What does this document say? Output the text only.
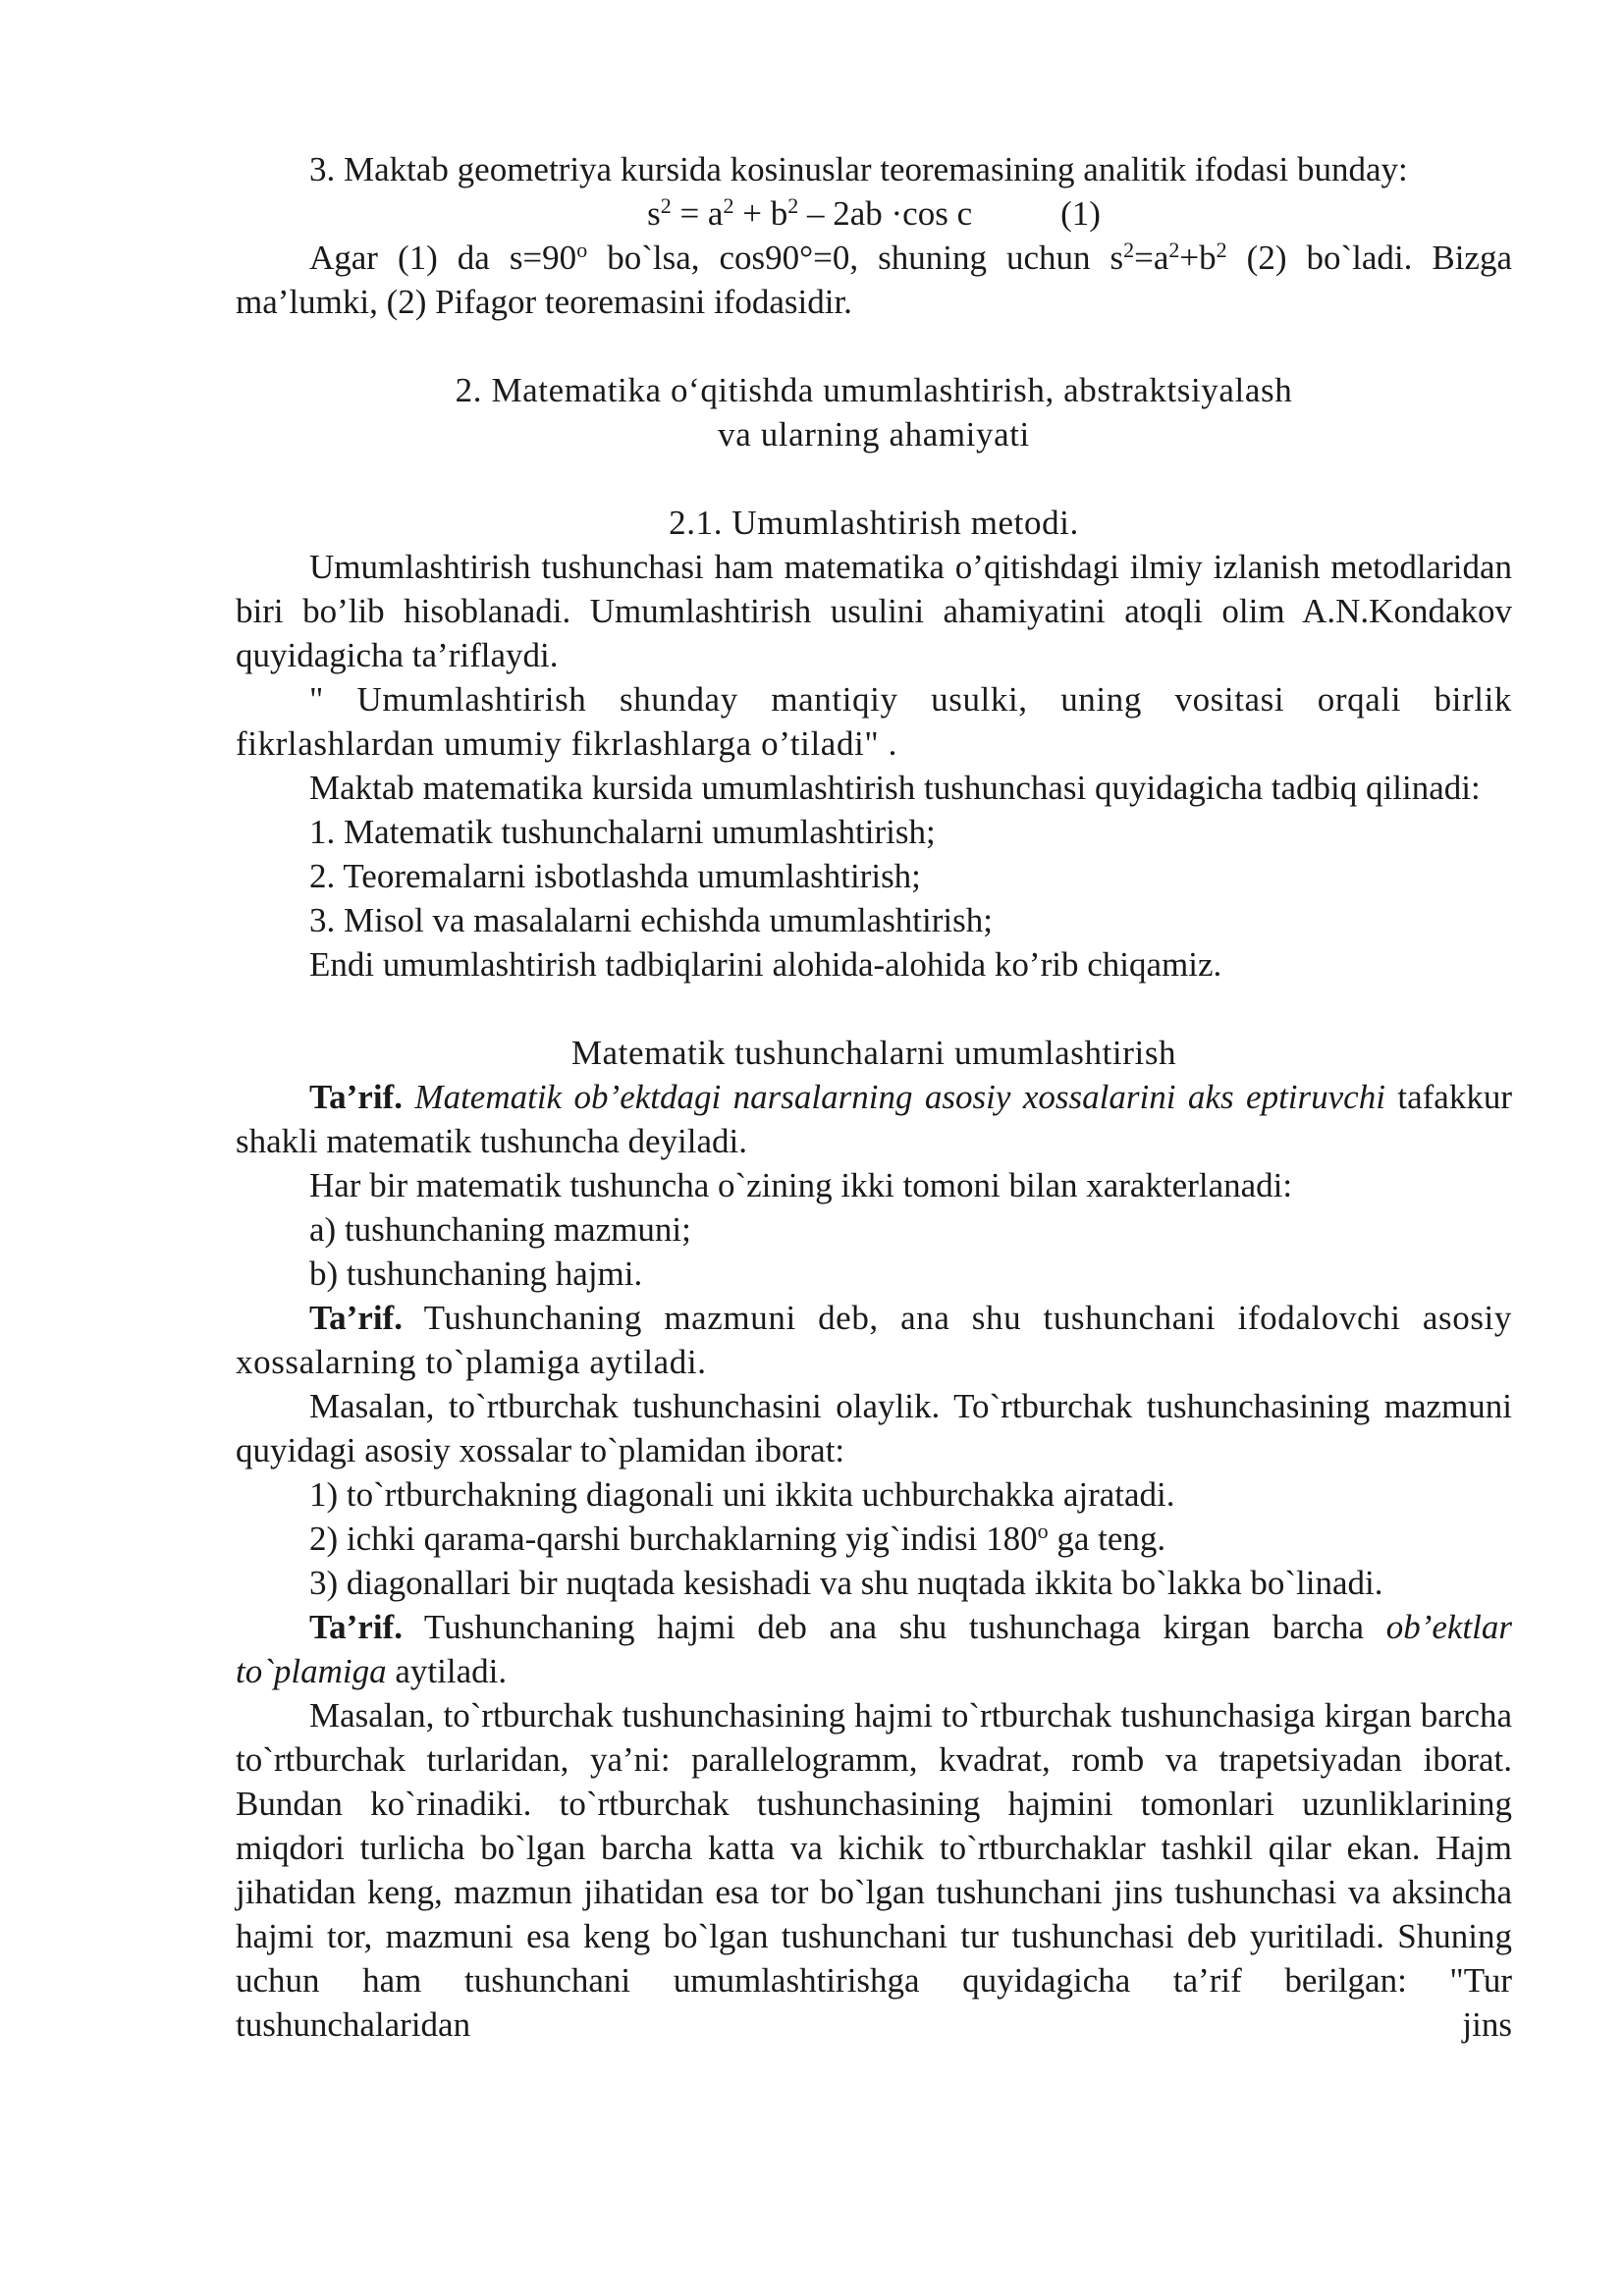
3. Maktab geometriya kursida kosinuslar teoremasining analitik ifodasi bunday:

$s^2 = a^2 + b^2 - 2ab \cdot\cos$ c	(1)

Agar (1) da $s=90^o$ bo`lsa, cos90°=0, shuning uchun $s^2=a^2+b^2$ (2) bo`ladi. Bizga ma’lumki, (2) Pifagor teoremasini ifodasidir.

2. Matematika o‘qitishda umumlashtirish, abstraktsiyalash

va ularning ahamiyati

2.1. Umumlashtirish metodi.

Umumlashtirish tushunchasi ham matematika o’qitishdagi ilmiy izlanish metodlaridan biri bo’lib hisoblanadi. Umumlashtirish usulini ahamiyatini atoqli olim A.N.Kondakov quyidagicha ta’riflaydi.

" Umumlashtirish shunday mantiqiy usulki, uning vositasi orqali birlik fikrlashlardan umumiy fikrlashlarga o’tiladi" .

Maktab matematika kursida umumlashtirish tushunchasi quyidagicha tadbiq qilinadi:

1. Matematik tushunchalarni umumlashtirish;

2. Teoremalarni isbotlashda umumlashtirish;

3. Misol va masalalarni echishda umumlashtirish;

Endi umumlashtirish tadbiqlarini alohida-alohida ko’rib chiqamiz.

Matematik tushunchalarni umumlashtirish

Ta’rif. Matematik ob’ektdagi narsalarning asosiy xossalarini aks eptiruvchi tafakkur shakli matematik tushuncha deyiladi.

Har bir matematik tushuncha o`zining ikki tomoni bilan xarakterlanadi:

a) tushunchaning mazmuni;

b) tushunchaning hajmi.

Ta’rif. Tushunchaning mazmuni deb, ana shu tushunchani ifodalovchi asosiy xossalarning to`plamiga aytiladi.

Masalan, to`rtburchak tushunchasini olaylik. To`rtburchak tushunchasining mazmuni quyidagi asosiy xossalar to`plamidan iborat:

1) to`rtburchakning diagonali uni ikkita uchburchakka ajratadi.

2) ichki qarama-qarshi burchaklarning yig`indisi 180$^o$ ga teng.

3) diagonallari bir nuqtada kesishadi va shu nuqtada ikkita bo`lakka bo`linadi.

Ta’rif. Tushunchaning hajmi deb ana shu tushunchaga kirgan barcha ob’ektlar to`plamiga aytiladi.

Masalan, to`rtburchak tushunchasining hajmi to`rtburchak tushunchasiga kirgan barcha to`rtburchak turlaridan, ya’ni: parallelogramm, kvadrat, romb va trapetsiyadan iborat. Bundan ko`rinadiki. to`rtburchak tushunchasining hajmini tomonlari uzunliklarining miqdori turlicha bo`lgan barcha katta va kichik to`rtburchaklar tashkil qilar ekan. Hajm jihatidan keng, mazmun jihatidan esa tor bo`lgan tushunchani jins tushunchasi va aksincha hajmi tor, mazmuni esa keng bo`lgan tushunchani tur tushunchasi deb yuritiladi. Shuning uchun ham tushunchani umumlashtirishga quyidagicha ta’rif berilgan: "Tur tushunchalaridan jins
